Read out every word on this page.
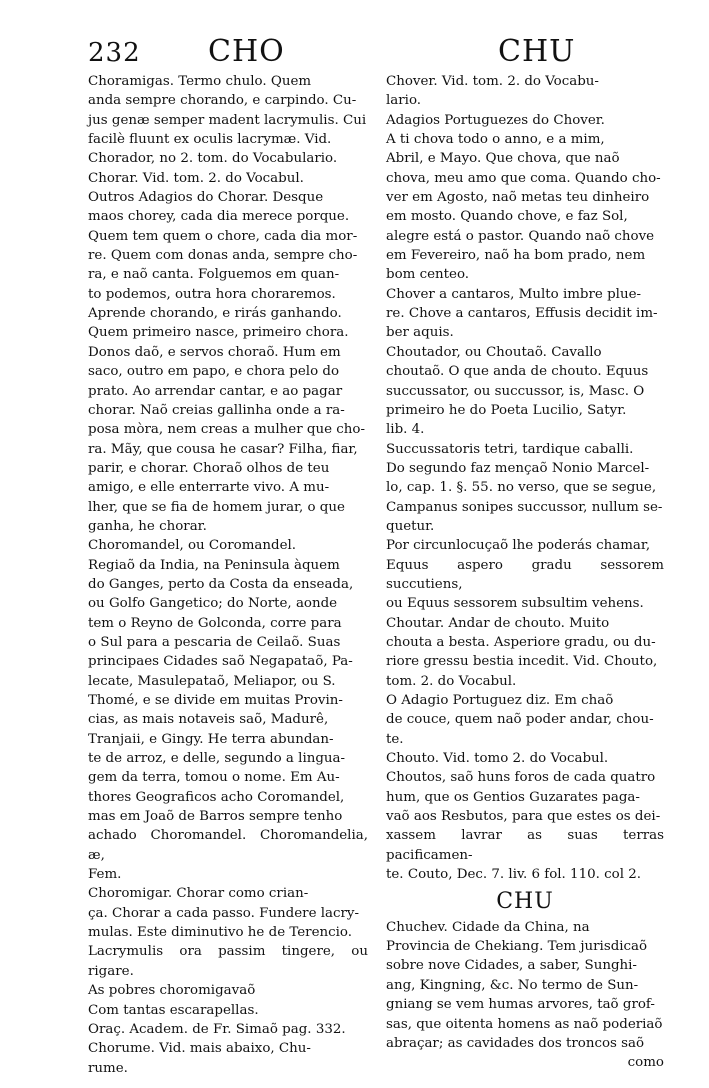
232 CHO	CHU
Choramigas. Termo chulo. Quem
anda sempre chorando, e carpindo. Cu-
jus genæ semper madent lacrymulis. Cui
facilè fluunt ex oculis lacrymæ. Vid.
Chorador, no 2. tom. do Vocabulario.
Chorar. Vid. tom. 2. do Vocabul.
Outros Adagios do Chorar. Desque
maos chorey, cada dia merece porque.
Quem tem quem o chore, cada dia mor-
re. Quem com donas anda, sempre cho-
ra, e naõ canta. Folguemos em quan-
to podemos, outra hora choraremos.
Aprende chorando, e rirás ganhando.
Quem primeiro nasce, primeiro chora.
Donos daõ, e servos choraõ. Hum em
saco, outro em papo, e chora pelo do
prato. Ao arrendar cantar, e ao pagar
chorar. Naõ creias gallinha onde a ra-
posa mòra, nem creas a mulher que cho-
ra. Mãy, que cousa he casar? Filha, fiar,
parir, e chorar. Choraõ olhos de teu
amigo, e elle enterrarte vivo. A mu-
lher, que se fia de homem jurar, o que
ganha, he chorar.
Choromandel, ou Coromandel.
Regiaõ da India, na Peninsula àquem
do Ganges, perto da Costa da enseada,
ou Golfo Gangetico; do Norte, aonde
tem o Reyno de Golconda, corre para
o Sul para a pescaria de Ceilaõ. Suas
principaes Cidades saõ Negapataõ, Pa-
lecate, Masulepataõ, Meliapor, ou S.
Thomé, e se divide em muitas Provin-
cias, as mais notaveis saõ, Madurê,
Tranjaii, e Gingy. He terra abundan-
te de arroz, e delle, segundo a lingua-
gem da terra, tomou o nome. Em Au-
thores Geograficos acho Coromandel,
mas em Joaõ de Barros sempre tenho
achado Choromandel. Choromandelia, æ,
Fem.
Choromigar. Chorar como crian-
ça. Chorar a cada passo. Fundere lacry-
mulas. Este diminutivo he de Terencio.
Lacrymulis ora passim tingere, ou rigare.
As pobres choromigavaõ
Com tantas escarapellas.
Oraç. Academ. de Fr. Simaõ pag. 332.
Chorume. Vid. mais abaixo, Chu-
rume.
Chover. Vid. tom. 2. do Vocabu-
lario.
Adagios Portuguezes do Chover.
A ti chova todo o anno, e a mim,
Abril, e Mayo. Que chova, que naõ
chova, meu amo que coma. Quando cho-
ver em Agosto, naõ metas teu dinheiro
em mosto. Quando chove, e faz Sol,
alegre está o pastor. Quando naõ chove
em Fevereiro, naõ ha bom prado, nem
bom centeo.
Chover a cantaros, Multo imbre plue-
re. Chove a cantaros, Effusis decidit im-
ber aquis.
Choutador, ou Choutaõ. Cavallo
choutaõ. O que anda de chouto. Equus
succussator, ou succussor, is, Masc. O
primeiro he do Poeta Lucilio, Satyr.
lib. 4.
Succussatoris tetri, tardique caballi.
Do segundo faz mençaõ Nonio Marcel-
lo, cap. 1. §. 55. no verso, que se segue,
Campanus sonipes succussor, nullum se-
quetur.
Por circunlocuçaõ lhe poderás chamar,
Equus aspero gradu sessorem succutiens,
ou Equus sessorem subsultim vehens.
Choutar. Andar de chouto. Muito
chouta a besta. Asperiore gradu, ou du-
riore gressu bestia incedit. Vid. Chouto,
tom. 2. do Vocabul.
O Adagio Portuguez diz. Em chaõ
de couce, quem naõ poder andar, chou-
te.
Chouto. Vid. tomo 2. do Vocabul.
Choutos, saõ huns foros de cada quatro
hum, que os Gentios Guzarates paga-
vaõ aos Resbutos, para que estes os dei-
xassem lavrar as suas terras pacificamen-
te. Couto, Dec. 7. liv. 6 fol. 110. col 2.
CHU
Chuchev. Cidade da China, na
Provincia de Chekiang. Tem jurisdicaõ
sobre nove Cidades, a saber, Sunghi-
ang, Kingning, &c. No termo de Sun-
gniang se vem humas arvores, taõ grof-
sas, que oitenta homens as naõ poderiaõ
abraçar; as cavidades dos troncos saõ
como
